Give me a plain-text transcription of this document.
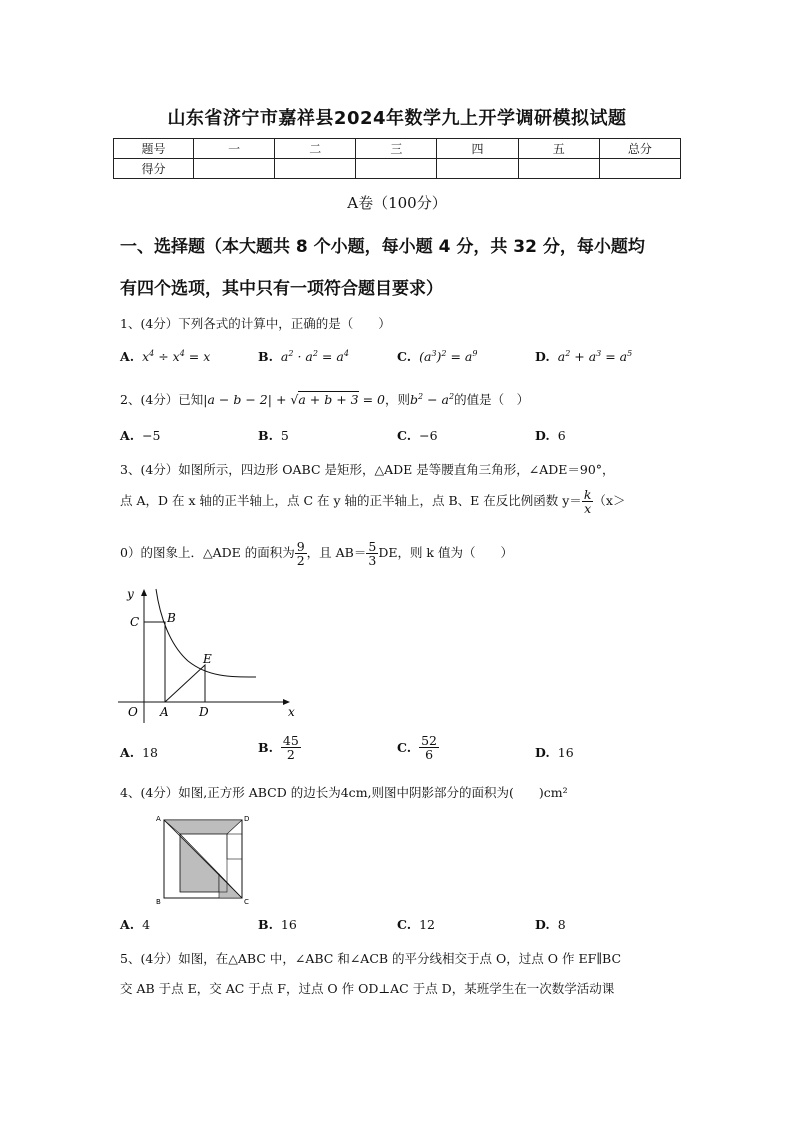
山东省济宁市嘉祥县2024年数学九上开学调研模拟试题
题号	一	二	三	四	五	总分
得分						
A卷（100分）
一、选择题（本大题共 8 个小题，每小题 4 分，共 32 分，每小题均
有四个选项，其中只有一项符合题目要求）
1、(4分）下列各式的计算中，正确的是（　　）
A. $x^4 \div x^4 = x$	B. $a^2 \cdot a^2 = a^4$	C. $(a^3)^2 = a^9$	D. $a^2 + a^3 = a^5$
2、(4分）已知|a − b − 2| + √a + b + 3 = 0，则$b^2 - a^2$的值是（　）
A. −5	B. 5	C. −6	D. 6
3、(4分）如图所示，四边形 OABC 是矩形，△ADE 是等腰直角三角形，∠ADE＝90°，
点 A，D 在 x 轴的正半轴上，点 C 在 y 轴的正半轴上，点 B、E 在反比例函数 $y= \frac{k}{x} (x>$
0）的图象上．△ADE 的面积为 $\frac{9}{2}$ ，且 $AB= \frac{5}{3}$ DE，则 k 值为（　　）
y
x
O A	D
C B
E
A. 18	B. $\frac{45}{2}$	C. $\frac{52}{6}$	D. 16
4、(4分）如图,正方形 ABCD 的边长为4cm,则图中阴影部分的面积为(　　)cm²
A	D
B	C
A. 4	B. 16	C. 12	D. 8
5、(4分）如图，在△ABC 中，∠ABC 和∠ACB 的平分线相交于点 O，过点 O 作 EF∥BC
交 AB 于点 E，交 AC 于点 F，过点 O 作 OD⊥AC 于点 D，某班学生在一次数学活动课
